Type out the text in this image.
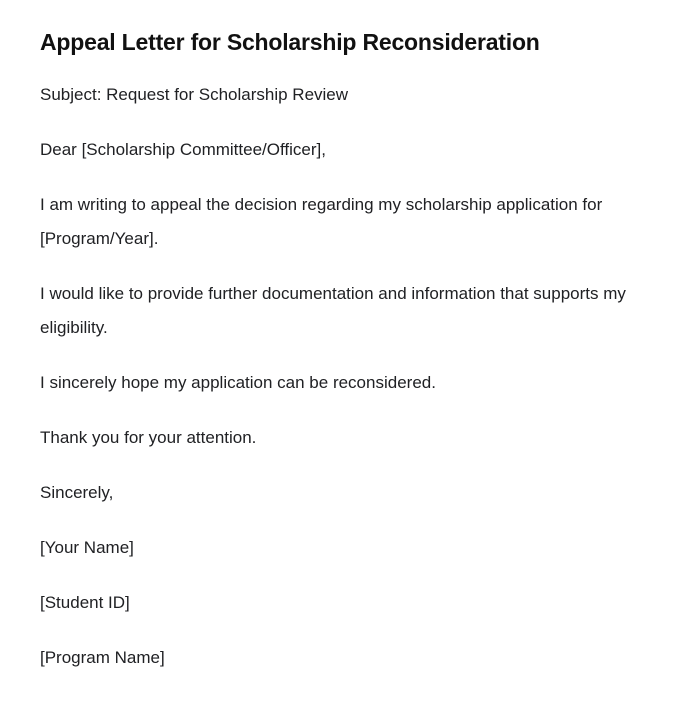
Appeal Letter for Scholarship Reconsideration

Subject: Request for Scholarship Review

Dear [Scholarship Committee/Officer],

I am writing to appeal the decision regarding my scholarship application for [Program/Year].

I would like to provide further documentation and information that supports my eligibility.

I sincerely hope my application can be reconsidered.

Thank you for your attention.

Sincerely,

[Your Name]

[Student ID]

[Program Name]
